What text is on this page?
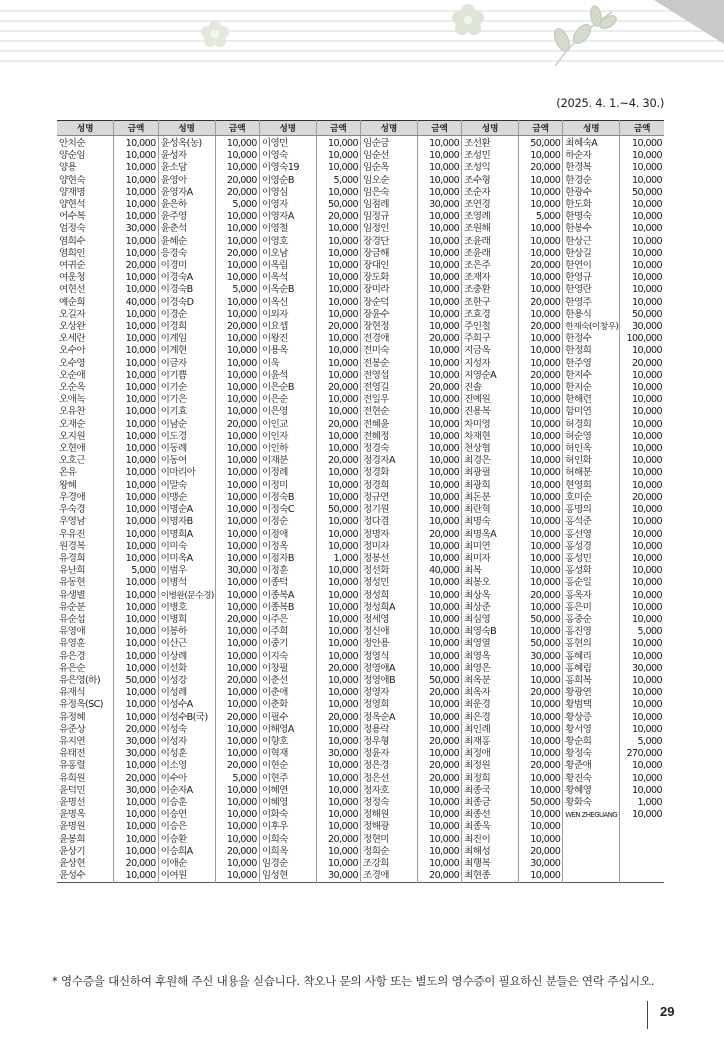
(2025. 4. 1.~4. 30.)
성명	금액	성명	금액	성명	금액	성명	금액	성명	금액	성명	금액
안치순	10,000	윤성옥(농)	10,000	이영민	10,000	임순금	10,000	조선환	50,000	최혜숙A	10,000
양순임	10,000	윤성자	10,000	이영숙	10,000	임순선	10,000	조성민	10,000	하순자	10,000
양용	10,000	윤소담	10,000	이영숙19	10,000	임순옥	10,000	조성익	20,000	한경복	10,000
양현숙	10,000	윤영아	20,000	이영순B	5,000	임오순	10,000	조수형	10,000	한경순	10,000
양재명	10,000	윤영자A	20,000	이영심	10,000	임은숙	10,000	조순자	10,000	한광수	50,000
양현석	10,000	윤은하	5,000	이영자	50,000	임점례	30,000	조연경	10,000	한도화	10,000
어수복	10,000	윤주영	10,000	이영자A	20,000	임정규	10,000	조영례	5,000	한명숙	10,000
엄정숙	30,000	윤춘석	10,000	이영철	10,000	임정인	10,000	조원해	10,000	한봉수	10,000
염희수	10,000	윤혜순	10,000	이영호	10,000	장경단	10,000	조윤래	10,000	한상근	10,000
염희인	10,000	응경숙	20,000	이오남	10,000	장금해	10,000	조윤래	10,000	한상길	10,000
여귀순	20,000	이경미	10,000	이옥림	10,000	장대인	10,000	조은주	20,000	한연이	10,000
여운청	10,000	이경숙A	10,000	이옥석	10,000	장도화	10,000	조재자	10,000	한영규	10,000
여현선	10,000	이경숙B	5,000	이옥순B	10,000	장미라	10,000	조충환	10,000	한영란	10,000
예순희	40,000	이경숙D	10,000	이옥신	10,000	장순덕	10,000	조한구	20,000	한영주	10,000
오길자	10,000	이경순	10,000	이외자	10,000	장윤수	10,000	조효경	10,000	한용식	50,000
오상완	10,000	이경희	20,000	이요셉	20,000	장현정	10,000	주인철	20,000	한재숙(이창우)	30,000
오세란	10,000	이계임	10,000	이왕진	10,000	전경애	20,000	주희구	10,000	한정수	100,000
오수아	10,000	이계현	10,000	이용옥	10,000	전미숙	10,000	지금옥	10,000	한정희	10,000
오수영	10,000	이금자	10,000	이욱	10,000	전봉순	10,000	지성자	10,000	한주영	20,000
오순애	10,000	이기쁨	10,000	이윤석	10,000	전영섭	10,000	지영순A	20,000	한지수	10,000
오순옥	10,000	이기순	10,000	이은순B	20,000	전영길	20,000	진솔	10,000	한지순	10,000
오애녹	10,000	이기은	10,000	이은순	10,000	전일우	10,000	진예원	10,000	한해련	10,000
오유찬	10,000	이기효	10,000	이은영	10,000	전현순	10,000	진용복	10,000	함미연	10,000
오재순	10,000	이남순	20,000	이인교	20,000	전혜윤	10,000	차미영	10,000	허경희	10,000
오지원	10,000	이도경	10,000	이인자	10,000	전혜정	10,000	차재현	10,000	허순영	10,000
오현애	10,000	이동례	10,000	이인하	10,000	정경숙	10,000	천상협	10,000	허인옥	10,000
오호근	10,000	이동여	10,000	이재분	20,000	정경자A	10,000	최경은	10,000	허인화	10,000
온유	10,000	이마리아	10,000	이정례	10,000	정경화	10,000	최광필	10,000	허해분	10,000
왕혜	10,000	이말숙	10,000	이정미	10,000	정경희	10,000	최광희	10,000	현영희	10,000
우경애	10,000	이맹순	10,000	이정숙B	10,000	정규연	10,000	최돈분	10,000	호미순	20,000
우숙경	10,000	이명순A	10,000	이정숙C	50,000	정기원	10,000	최란혁	10,000	홍명의	10,000
우영남	10,000	이명자B	10,000	이정순	10,000	정다겸	10,000	최명숙	10,000	홍석준	10,000
우유진	10,000	이명희A	10,000	이정애	10,000	정명자	20,000	최명옥A	10,000	홍선영	10,000
원경복	10,000	이미숙	10,000	이정옥	10,000	정미자	10,000	최미연	10,000	홍성경	10,000
유경희	10,000	이미옥A	10,000	이정자B	1,000	정봉선	10,000	최미자	10,000	홍성민	10,000
유난희	5,000	이범우	30,000	이정훈	10,000	정선화	40,000	최복	10,000	홍성화	10,000
유동현	10,000	이병석	10,000	이종덕	10,000	정성민	10,000	최봉오	10,000	홍순일	10,000
유생별	10,000	이병완(문수경)	10,000	이종복A	10,000	정성희	10,000	최상옥	20,000	홍옥자	10,000
유순분	10,000	이병호	10,000	이종복B	10,000	정성희A	10,000	최상준	10,000	홍은미	10,000
유순섭	10,000	이병희	20,000	이주은	10,000	정세영	10,000	최심영	50,000	홍중순	10,000
유영애	10,000	이봉하	10,000	이주희	10,000	정신애	10,000	최영숙B	10,000	홍진영	5,000
유영훈	10,000	이산근	10,000	이중기	10,000	정안용	10,000	최영열	50,000	홍현의	10,000
유은경	10,000	이상례	10,000	이지숙	10,000	정영식	10,000	최영옥	30,000	홍혜리	10,000
유은순	10,000	이선화	10,000	이창필	20,000	정영애A	10,000	최영은	10,000	홍혜림	30,000
유은영(하)	50,000	이성강	20,000	이춘선	10,000	정영애B	50,000	최옥분	10,000	홍희복	10,000
유재식	10,000	이성례	10,000	이춘애	10,000	정영자	20,000	최옥자	20,000	황광연	10,000
유정옥(SC)	10,000	이성수A	10,000	이춘화	10,000	정영희	10,000	최운경	10,000	황범택	10,000
유정혜	10,000	이성수B(국)	20,000	이필수	20,000	정옥순A	10,000	최은경	10,000	황상증	10,000
유준상	20,000	이성숙	10,000	이해영A	10,000	정용락	10,000	최인례	10,000	황서영	10,000
유지연	30,000	이성자	10,000	이향호	10,000	정우형	20,000	최재홍	10,000	황순희	5,000
유태전	30,000	이성훈	10,000	이혁재	30,000	정윤자	10,000	최정애	10,000	황정숙	270,000
유홍렬	10,000	이소영	20,000	이현순	10,000	정은경	20,000	최정원	20,000	황준애	10,000
유희원	20,000	이수아	5,000	이현주	10,000	정은선	20,000	최정희	10,000	황진숙	10,000
윤덕민	30,000	이순자A	10,000	이혜연	10,000	정자호	10,000	최종국	10,000	황혜영	10,000
윤명선	10,000	이승훈	10,000	이혜영	10,000	정정숙	10,000	최종금	50,000	황화숙	1,000
윤명옥	10,000	이승연	10,000	이화숙	10,000	정해원	10,000	최종선	10,000	WEN ZHEGUANG	10,000
윤명원	10,000	이승은	10,000	이후우	10,000	정해광	10,000	최종욱	10,000		
윤봉희	10,000	이승환	10,000	이희숙	20,000	정현미	10,000	최진이	10,000		
윤상기	10,000	이승희A	20,000	이희옥	10,000	정희순	10,000	최해성	20,000		
윤상현	20,000	이애순	10,000	임경순	10,000	조강희	10,000	최행복	30,000		
윤성수	10,000	이여원	10,000	임성현	30,000	조경애	20,000	최현종	10,000		
* 영수증을 대신하여 후원해 주신 내용을 싣습니다. 착오나 문의 사항 또는 별도의 영수증이 필요하신 분들은 연락 주십시오.
29
